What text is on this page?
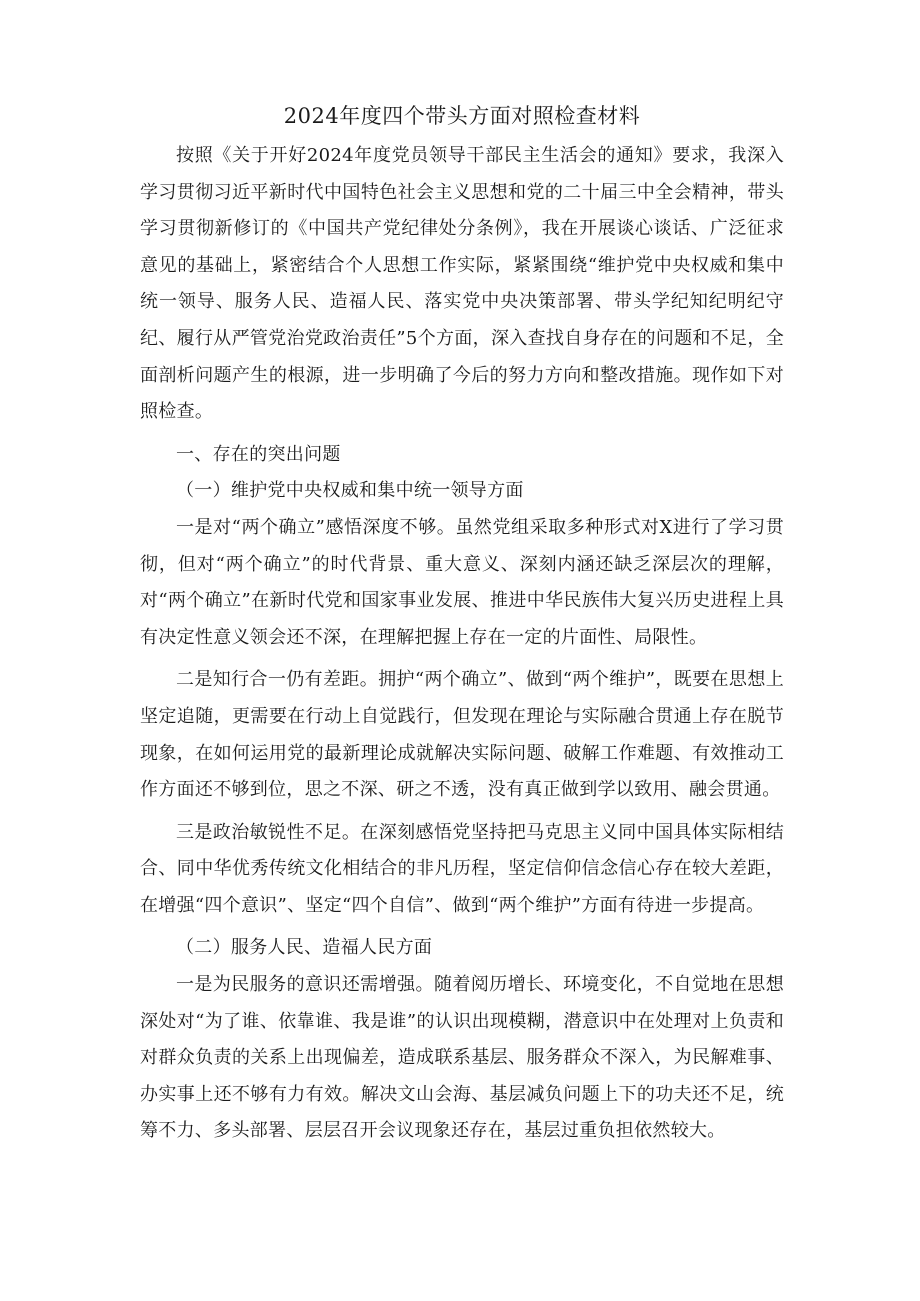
2024年度四个带头方面对照检查材料

按照《关于开好2024年度党员领导干部民主生活会的通知》要求，我深入学习贯彻习近平新时代中国特色社会主义思想和党的二十届三中全会精神，带头学习贯彻新修订的《中国共产党纪律处分条例》，我在开展谈心谈话、广泛征求意见的基础上，紧密结合个人思想工作实际，紧紧围绕“维护党中央权威和集中统一领导、服务人民、造福人民、落实党中央决策部署、带头学纪知纪明纪守纪、履行从严管党治党政治责任”5个方面，深入查找自身存在的问题和不足，全面剖析问题产生的根源，进一步明确了今后的努力方向和整改措施。现作如下对照检查。

一、存在的突出问题

（一）维护党中央权威和集中统一领导方面

一是对“两个确立”感悟深度不够。虽然党组采取多种形式对X进行了学习贯彻，但对“两个确立”的时代背景、重大意义、深刻内涵还缺乏深层次的理解，对“两个确立”在新时代党和国家事业发展、推进中华民族伟大复兴历史进程上具有决定性意义领会还不深，在理解把握上存在一定的片面性、局限性。

二是知行合一仍有差距。拥护“两个确立”、做到“两个维护”，既要在思想上坚定追随，更需要在行动上自觉践行，但发现在理论与实际融合贯通上存在脱节现象，在如何运用党的最新理论成就解决实际问题、破解工作难题、有效推动工作方面还不够到位，思之不深、研之不透，没有真正做到学以致用、融会贯通。

三是政治敏锐性不足。在深刻感悟党坚持把马克思主义同中国具体实际相结合、同中华优秀传统文化相结合的非凡历程，坚定信仰信念信心存在较大差距，在增强“四个意识”、坚定“四个自信”、做到“两个维护”方面有待进一步提高。

（二）服务人民、造福人民方面

一是为民服务的意识还需增强。随着阅历增长、环境变化，不自觉地在思想深处对“为了谁、依靠谁、我是谁”的认识出现模糊，潜意识中在处理对上负责和对群众负责的关系上出现偏差，造成联系基层、服务群众不深入，为民解难事、办实事上还不够有力有效。解决文山会海、基层减负问题上下的功夫还不足，统筹不力、多头部署、层层召开会议现象还存在，基层过重负担依然较大。
